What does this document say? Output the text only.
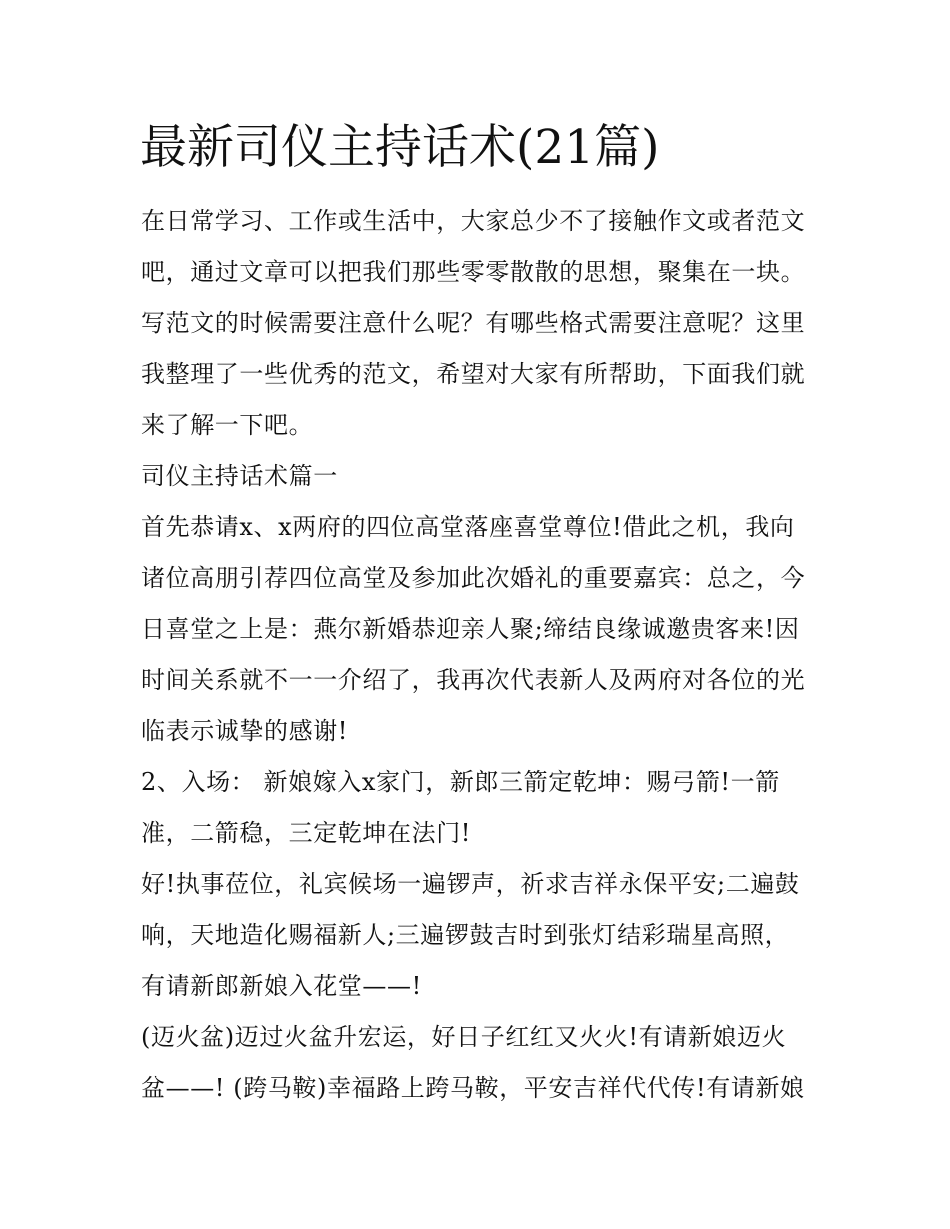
最新司仪主持话术(21篇)
在日常学习、工作或生活中，大家总少不了接触作文或者范文
吧，通过文章可以把我们那些零零散散的思想，聚集在一块。
写范文的时候需要注意什么呢？有哪些格式需要注意呢？这里
我整理了一些优秀的范文，希望对大家有所帮助，下面我们就
来了解一下吧。
司仪主持话术篇一
首先恭请x、x两府的四位高堂落座喜堂尊位!借此之机，我向
诸位高朋引荐四位高堂及参加此次婚礼的重要嘉宾：总之，今
日喜堂之上是：燕尔新婚恭迎亲人聚;缔结良缘诚邀贵客来!因
时间关系就不一一介绍了，我再次代表新人及两府对各位的光
临表示诚挚的感谢!
2、入场： 新娘嫁入x家门，新郎三箭定乾坤：赐弓箭!一箭
准，二箭稳，三定乾坤在法门!
好!执事莅位，礼宾候场一遍锣声，祈求吉祥永保平安;二遍鼓
响，天地造化赐福新人;三遍锣鼓吉时到张灯结彩瑞星高照，
有请新郎新娘入花堂——!
(迈火盆)迈过火盆升宏运，好日子红红又火火!有请新娘迈火
盆——! (跨马鞍)幸福路上跨马鞍，平安吉祥代代传!有请新娘
